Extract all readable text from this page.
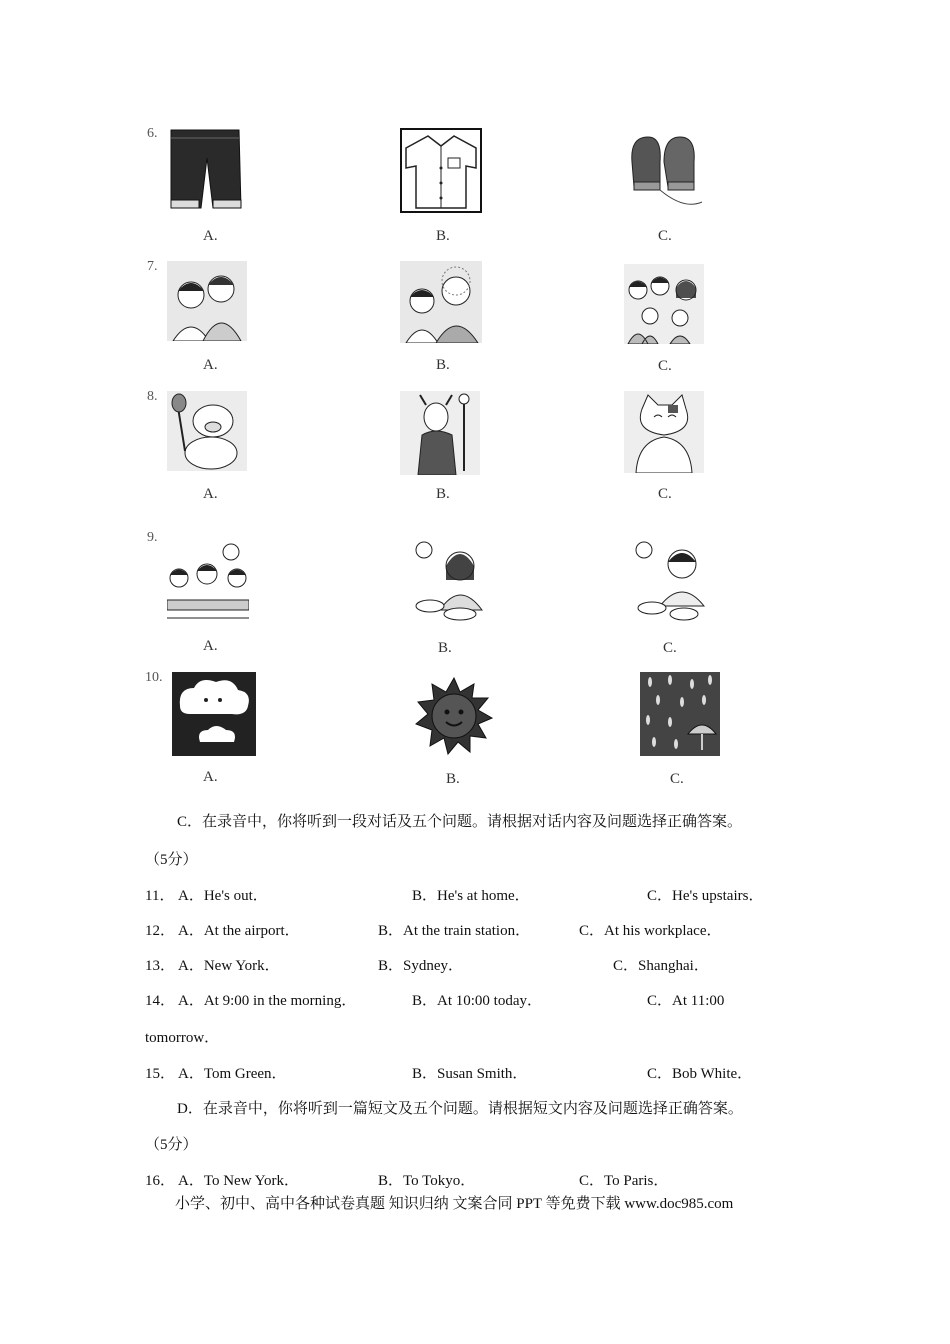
6.
A.	B.	C.
7.
A.	B.	C.
8.
A.	B.	C.
9.
A.	B.	C.
10.
A.	B.	C.
C．在录音中，你将听到一段对话及五个问题。请根据对话内容及问题选择正确答案。
（5分）
11． A．He's out．	B．He's at home．	C．He's upstairs．
12． A．At the airport．	B．At the train station．	C．At his workplace．
13． A．New York．	B．Sydney．	C．Shanghai．
14． A．At 9:00 in the morning．	B．At 10:00 today．	C．At 11:00
tomorrow．
15． A．Tom Green．	B．Susan Smith．	C．Bob White．
D．在录音中，你将听到一篇短文及五个问题。请根据短文内容及问题选择正确答案。
（5分）
16． A．To New York．	B．To Tokyo．	C．To Paris．
小学、初中、高中各种试卷真题 知识归纳 文案合同 PPT 等免费下载 www.doc985.com
